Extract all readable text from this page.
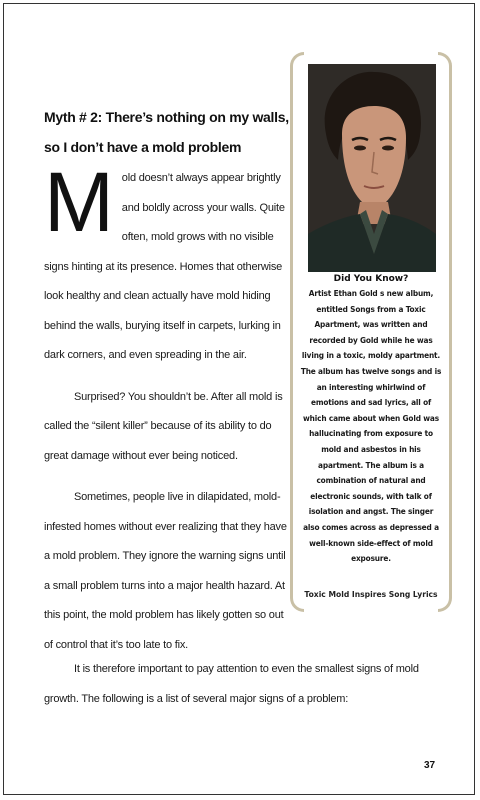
Myth # 2: There’s nothing on my walls, so I don’t have a mold problem

Mold doesn’t always appear brightly and boldly across your walls. Quite often, mold grows with no visible signs hinting at its presence. Homes that otherwise look healthy and clean actually have mold hiding behind the walls, burying itself in carpets, lurking in dark corners, and even spreading in the air.

Surprised? You shouldn’t be. After all mold is called the “silent killer” because of its ability to do great damage without ever being noticed.

Sometimes, people live in dilapidated, mold-infested homes without ever realizing that they have a mold problem. They ignore the warning signs until a small problem turns into a major health hazard. At this point, the mold problem has likely gotten so out of control that it’s too late to fix.

It is therefore important to pay attention to even the smallest signs of mold growth. The following is a list of several major signs of a problem:

Did You Know?
Artist Ethan Gold s new album, entitled Songs from a Toxic Apartment, was written and recorded by Gold while he was living in a toxic, moldy apartment. The album has twelve songs and is an interesting whirlwind of emotions and sad lyrics, all of which came about when Gold was hallucinating from exposure to mold and asbestos in his apartment. The album is a combination of natural and electronic sounds, with talk of isolation and angst. The singer also comes across as depressed a well-known side-effect of mold exposure.
Toxic Mold Inspires Song Lyrics
37
